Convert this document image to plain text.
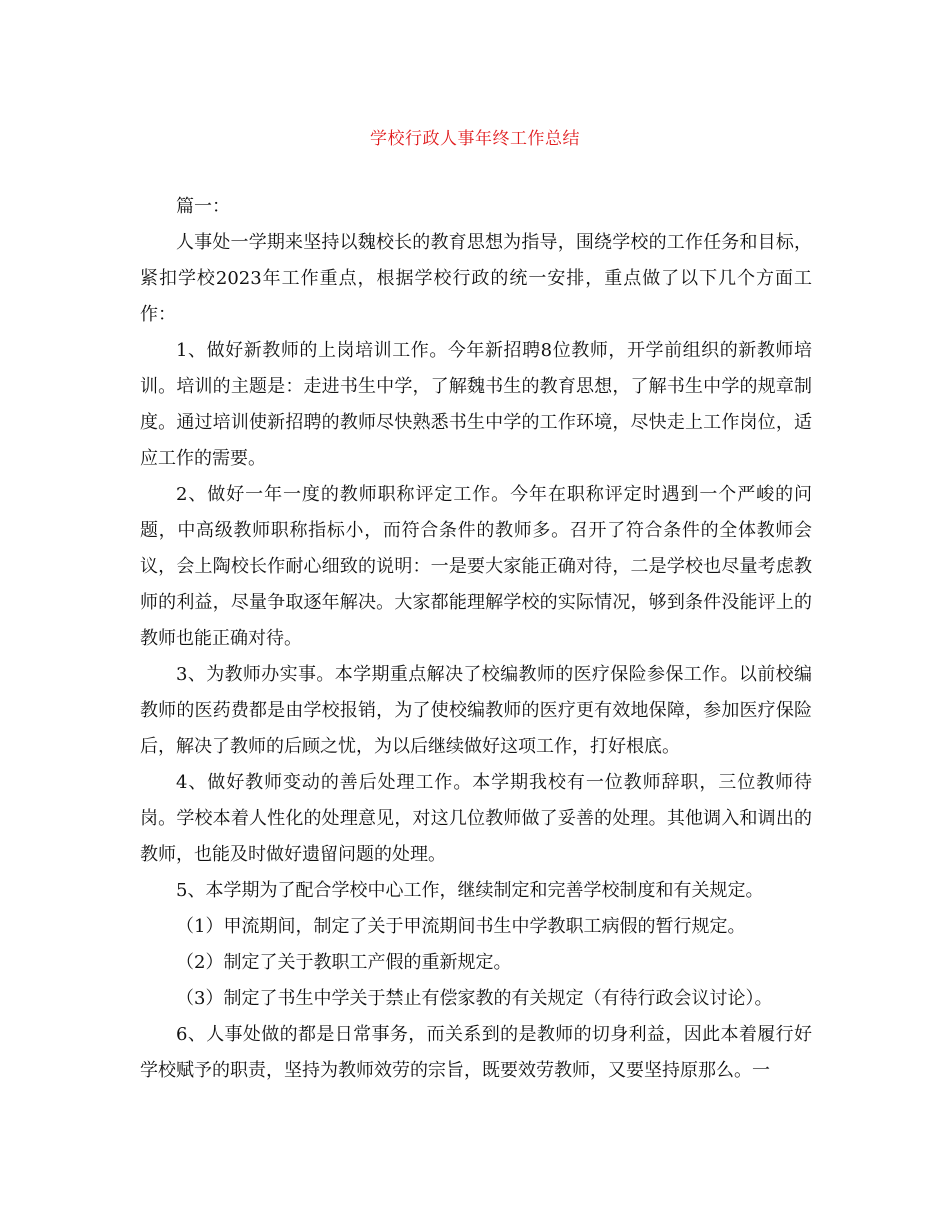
学校行政人事年终工作总结

篇一：

人事处一学期来坚持以魏校长的教育思想为指导，围绕学校的工作任务和目标，紧扣学校2023年工作重点，根据学校行政的统一安排，重点做了以下几个方面工作：

1、做好新教师的上岗培训工作。今年新招聘8位教师，开学前组织的新教师培训。培训的主题是：走进书生中学，了解魏书生的教育思想，了解书生中学的规章制度。通过培训使新招聘的教师尽快熟悉书生中学的工作环境，尽快走上工作岗位，适应工作的需要。

2、做好一年一度的教师职称评定工作。今年在职称评定时遇到一个严峻的问题，中高级教师职称指标小，而符合条件的教师多。召开了符合条件的全体教师会议，会上陶校长作耐心细致的说明：一是要大家能正确对待，二是学校也尽量考虑教师的利益，尽量争取逐年解决。大家都能理解学校的实际情况，够到条件没能评上的教师也能正确对待。

3、为教师办实事。本学期重点解决了校编教师的医疗保险参保工作。以前校编教师的医药费都是由学校报销，为了使校编教师的医疗更有效地保障，参加医疗保险后，解决了教师的后顾之忧，为以后继续做好这项工作，打好根底。

4、做好教师变动的善后处理工作。本学期我校有一位教师辞职，三位教师待岗。学校本着人性化的处理意见，对这几位教师做了妥善的处理。其他调入和调出的教师，也能及时做好遗留问题的处理。

5、本学期为了配合学校中心工作，继续制定和完善学校制度和有关规定。

（1）甲流期间，制定了关于甲流期间书生中学教职工病假的暂行规定。

（2）制定了关于教职工产假的重新规定。

（3）制定了书生中学关于禁止有偿家教的有关规定（有待行政会议讨论）。

6、人事处做的都是日常事务，而关系到的是教师的切身利益，因此本着履行好学校赋予的职责，坚持为教师效劳的宗旨，既要效劳教师，又要坚持原那么。一
